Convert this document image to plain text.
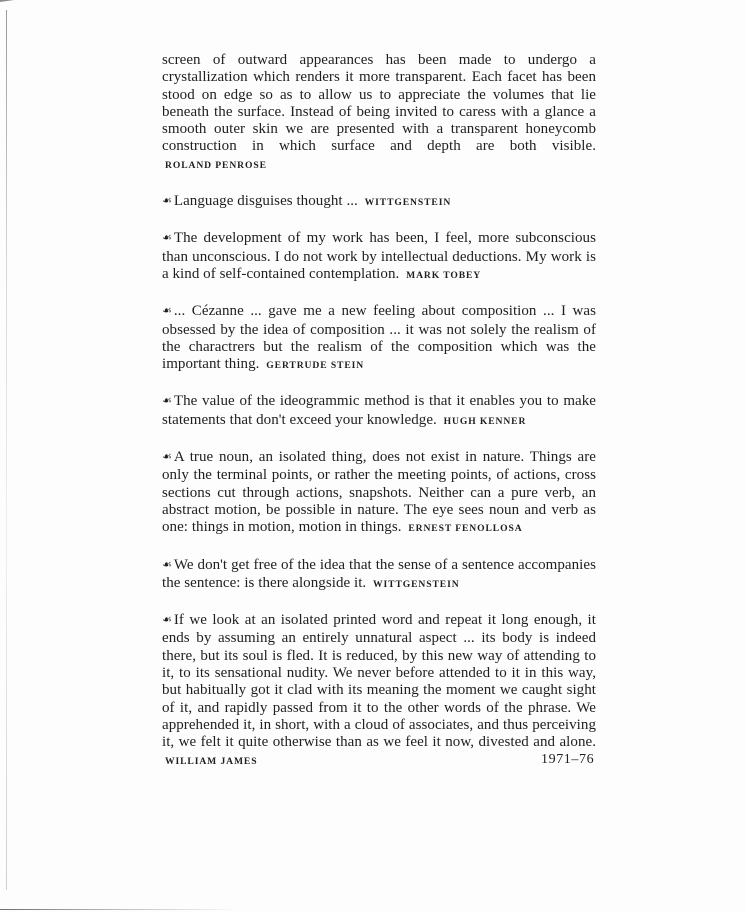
screen of outward appearances has been made to undergo a crystallization which renders it more transparent. Each facet has been stood on edge so as to allow us to appreciate the volumes that lie beneath the surface. Instead of being invited to caress with a glance a smooth outer skin we are presented with a transparent honeycomb construction in which surface and depth are both visible. ROLAND PENROSE

☙ Language disguises thought ... WITTGENSTEIN

☙ The development of my work has been, I feel, more subconscious than unconscious. I do not work by intellectual deductions. My work is a kind of self-contained contemplation. MARK TOBEY

☙ ... Cézanne ... gave me a new feeling about composition ... I was obsessed by the idea of composition ... it was not solely the realism of the charactrers but the realism of the composition which was the important thing. GERTRUDE STEIN

☙ The value of the ideogrammic method is that it enables you to make statements that don't exceed your knowledge. HUGH KENNER

☙ A true noun, an isolated thing, does not exist in nature. Things are only the terminal points, or rather the meeting points, of actions, cross sections cut through actions, snapshots. Neither can a pure verb, an abstract motion, be possible in nature. The eye sees noun and verb as one: things in motion, motion in things. ERNEST FENOLLOSA

☙ We don't get free of the idea that the sense of a sentence accompanies the sentence: is there alongside it. WITTGENSTEIN

☙ If we look at an isolated printed word and repeat it long enough, it ends by assuming an entirely unnatural aspect ... its body is indeed there, but its soul is fled. It is reduced, by this new way of attending to it, to its sensational nudity. We never before attended to it in this way, but habitually got it clad with its meaning the moment we caught sight of it, and rapidly passed from it to the other words of the phrase. We apprehended it, in short, with a cloud of associates, and thus perceiving it, we felt it quite otherwise than as we feel it now, divested and alone. WILLIAM JAMES	1971–76
